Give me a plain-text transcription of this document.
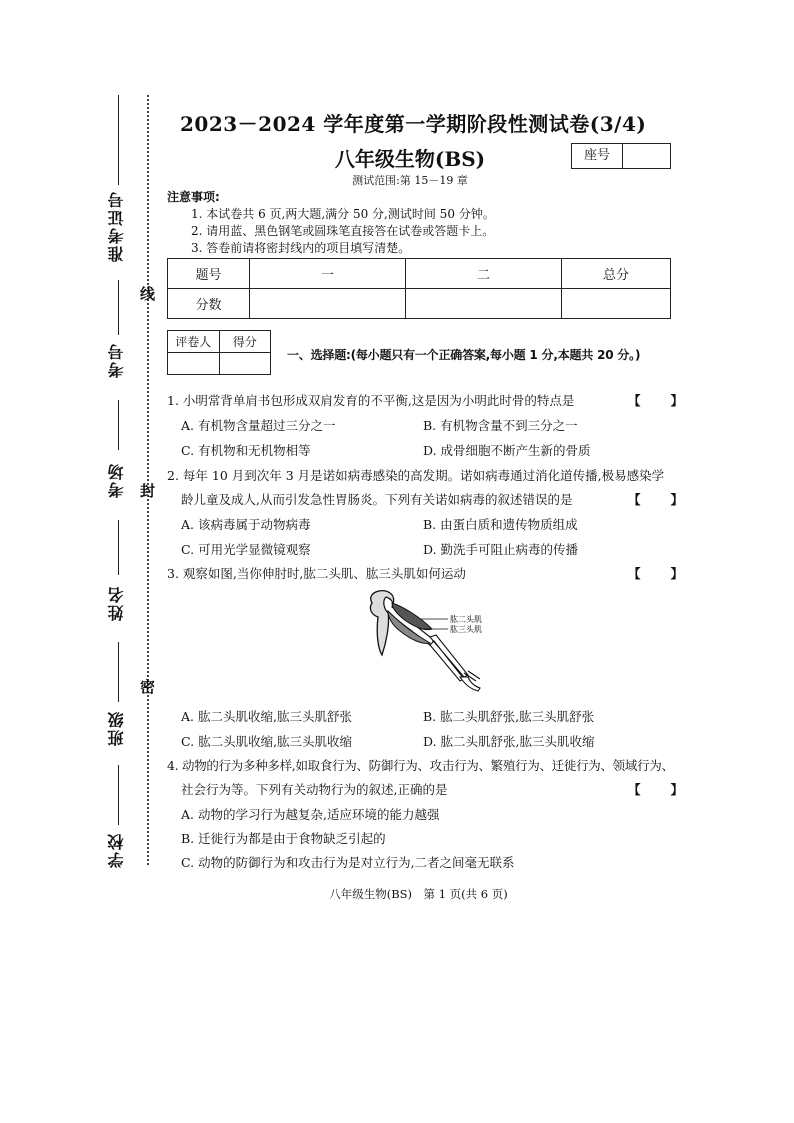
准考证号
考号
考场
姓名
班级
学校
线
封
密
2023－2024 学年度第一学期阶段性测试卷(3/4)
八年级生物(BS)
测试范围:第 15－19 章
座号
注意事项:
1. 本试卷共 6 页,两大题,满分 50 分,测试时间 50 分钟。
2. 请用蓝、黑色钢笔或圆珠笔直接答在试卷或答题卡上。
3. 答卷前请将密封线内的项目填写清楚。
题号	一	二	总分
分数			
评卷人	得分

一、选择题:(每小题只有一个正确答案,每小题 1 分,本题共 20 分。)
1. 小明常背单肩书包形成双肩发育的不平衡,这是因为小明此时骨的特点是	【    】
A. 有机物含量超过三分之一	B. 有机物含量不到三分之一
C. 有机物和无机物相等	D. 成骨细胞不断产生新的骨质
2. 每年 10 月到次年 3 月是诺如病毒感染的高发期。诺如病毒通过消化道传播,极易感染学
龄儿童及成人,从而引发急性胃肠炎。下列有关诺如病毒的叙述错误的是	【    】
A. 该病毒属于动物病毒	B. 由蛋白质和遗传物质组成
C. 可用光学显微镜观察	D. 勤洗手可阻止病毒的传播
3. 观察如图,当你伸肘时,肱二头肌、肱三头肌如何运动	【    】
肱二头肌
肱三头肌
A. 肱二头肌收缩,肱三头肌舒张	B. 肱二头肌舒张,肱三头肌舒张
C. 肱二头肌收缩,肱三头肌收缩	D. 肱二头肌舒张,肱三头肌收缩
4. 动物的行为多种多样,如取食行为、防御行为、攻击行为、繁殖行为、迁徙行为、领域行为、
社会行为等。下列有关动物行为的叙述,正确的是	【    】
A. 动物的学习行为越复杂,适应环境的能力越强
B. 迁徙行为都是由于食物缺乏引起的
C. 动物的防御行为和攻击行为是对立行为,二者之间毫无联系
八年级生物(BS)　第 1 页(共 6 页)
